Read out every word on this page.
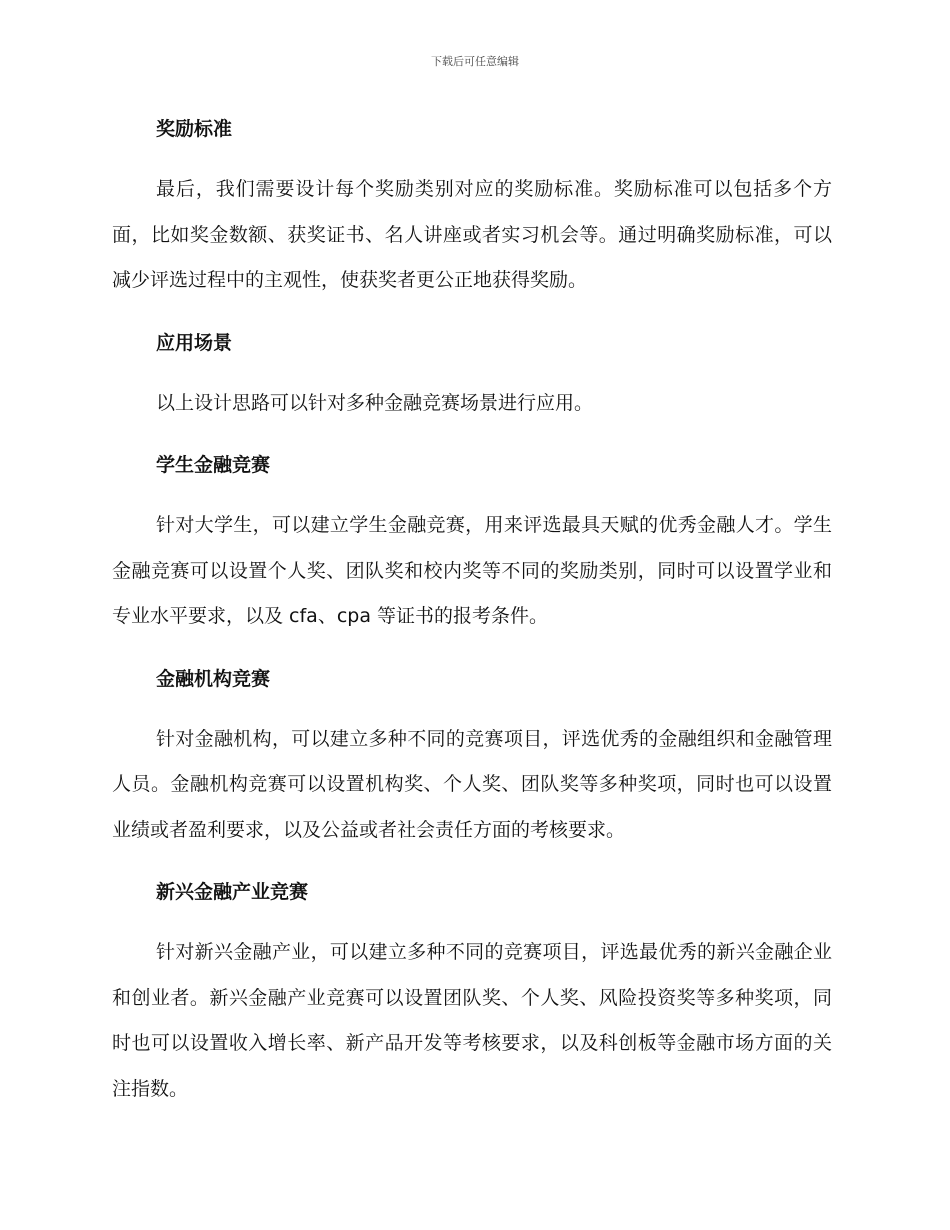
下载后可任意编辑
奖励标准

最后，我们需要设计每个奖励类别对应的奖励标准。奖励标准可以包括多个方面，比如奖金数额、获奖证书、名人讲座或者实习机会等。通过明确奖励标准，可以减少评选过程中的主观性，使获奖者更公正地获得奖励。

应用场景

以上设计思路可以针对多种金融竞赛场景进行应用。

学生金融竞赛

针对大学生，可以建立学生金融竞赛，用来评选最具天赋的优秀金融人才。学生金融竞赛可以设置个人奖、团队奖和校内奖等不同的奖励类别，同时可以设置学业和专业水平要求，以及 cfa、cpa 等证书的报考条件。

金融机构竞赛

针对金融机构，可以建立多种不同的竞赛项目，评选优秀的金融组织和金融管理人员。金融机构竞赛可以设置机构奖、个人奖、团队奖等多种奖项，同时也可以设置业绩或者盈利要求，以及公益或者社会责任方面的考核要求。

新兴金融产业竞赛

针对新兴金融产业，可以建立多种不同的竞赛项目，评选最优秀的新兴金融企业和创业者。新兴金融产业竞赛可以设置团队奖、个人奖、风险投资奖等多种奖项，同时也可以设置收入增长率、新产品开发等考核要求，以及科创板等金融市场方面的关注指数。
